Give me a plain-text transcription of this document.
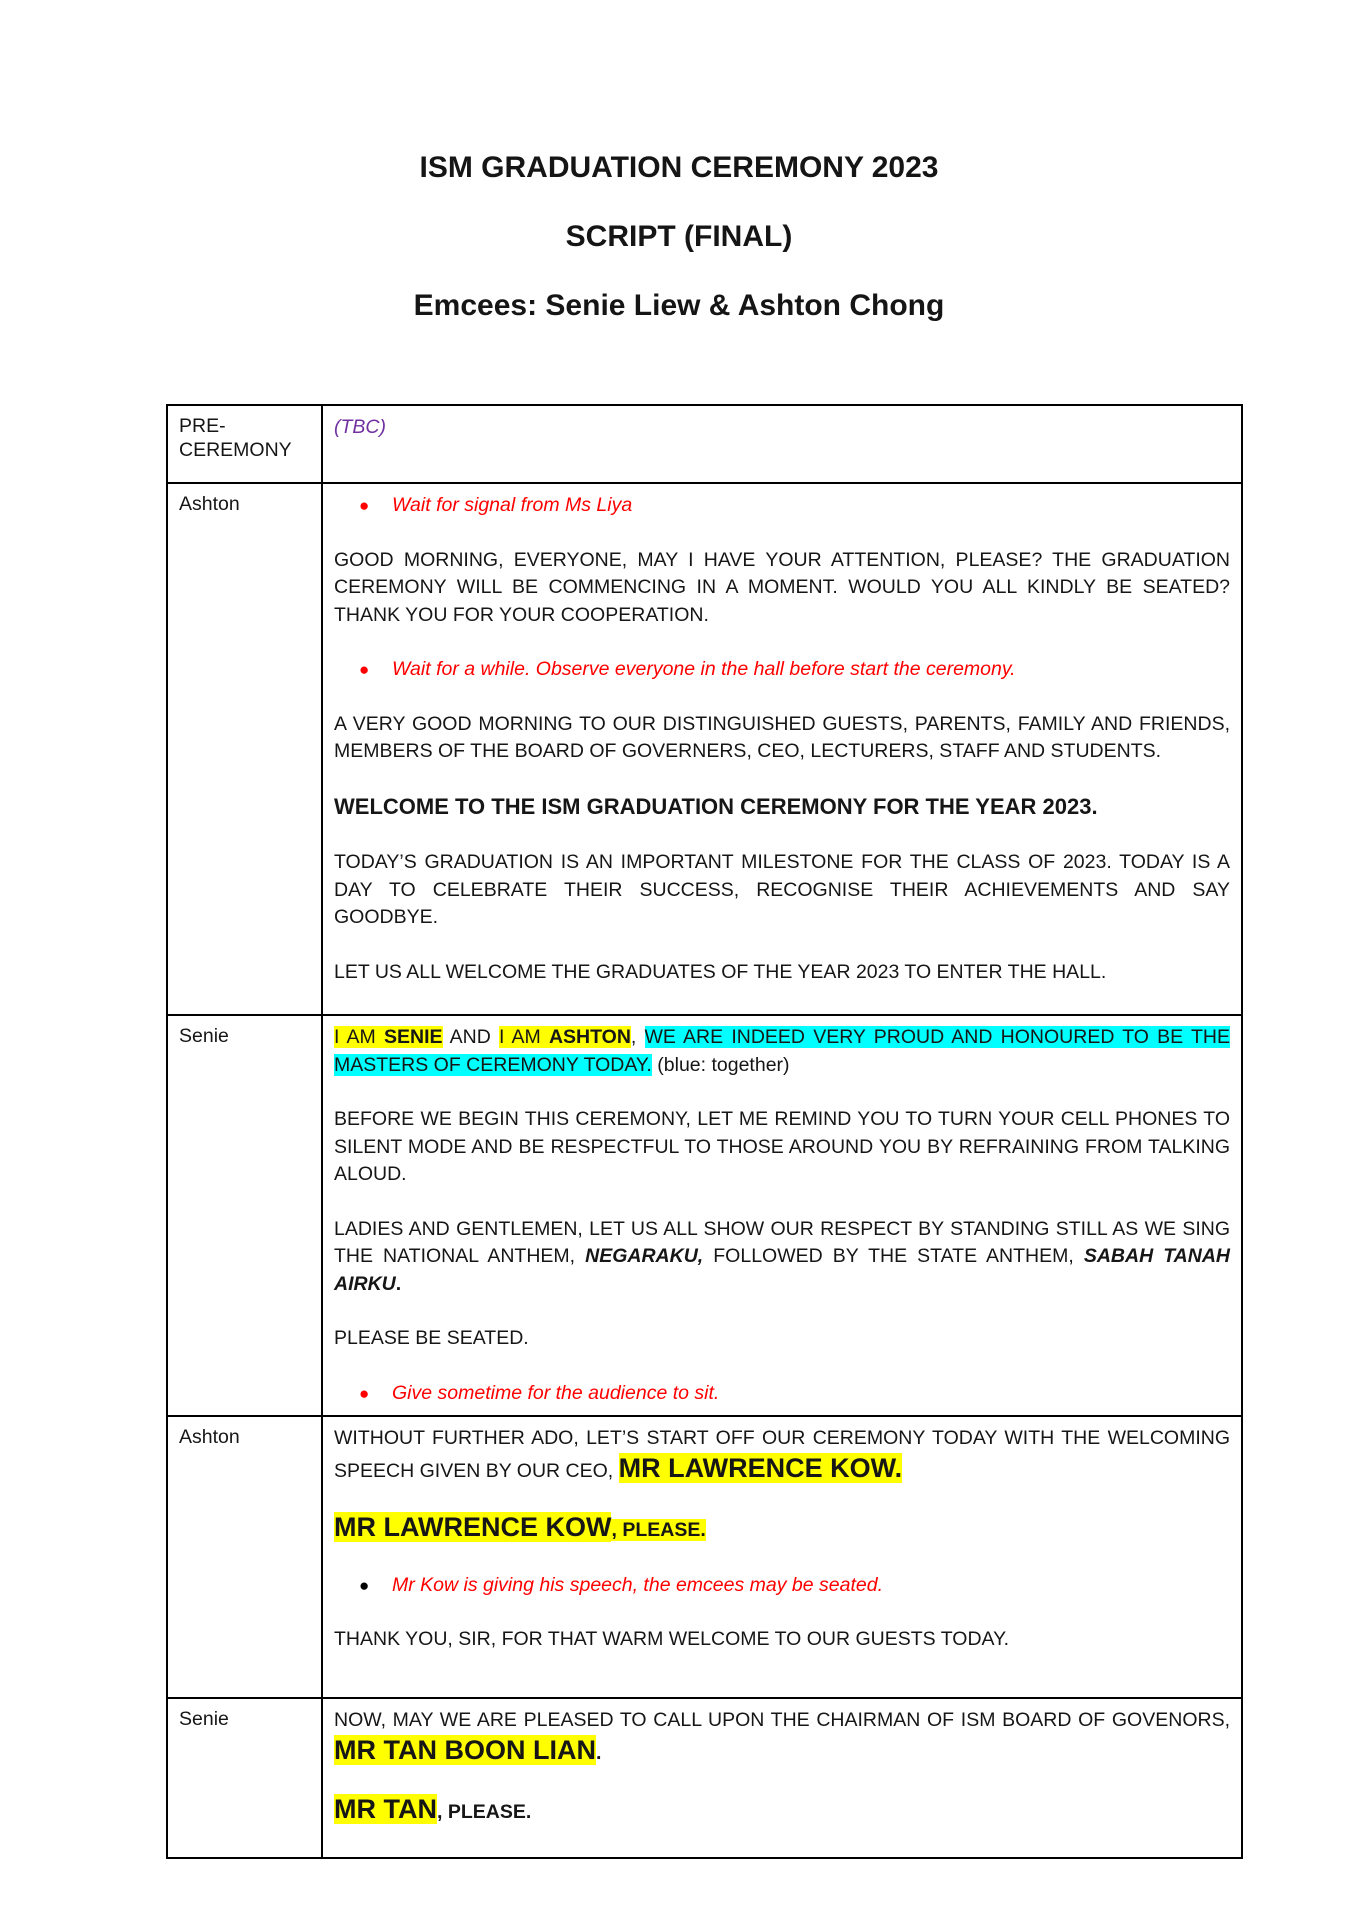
ISM GRADUATION CEREMONY 2023
SCRIPT (FINAL)
Emcees: Senie Liew & Ashton Chong
PRE-CEREMONY	(TBC)

Ashton	● Wait for signal from Ms Liya

GOOD MORNING, EVERYONE, MAY I HAVE YOUR ATTENTION, PLEASE? THE GRADUATION CEREMONY WILL BE COMMENCING IN A MOMENT. WOULD YOU ALL KINDLY BE SEATED? THANK YOU FOR YOUR COOPERATION.

● Wait for a while. Observe everyone in the hall before start the ceremony.

A VERY GOOD MORNING TO OUR DISTINGUISHED GUESTS, PARENTS, FAMILY AND FRIENDS, MEMBERS OF THE BOARD OF GOVERNERS, CEO, LECTURERS, STAFF AND STUDENTS.

WELCOME TO THE ISM GRADUATION CEREMONY FOR THE YEAR 2023.

TODAY’S GRADUATION IS AN IMPORTANT MILESTONE FOR THE CLASS OF 2023. TODAY IS A DAY TO CELEBRATE THEIR SUCCESS, RECOGNISE THEIR ACHIEVEMENTS AND SAY GOODBYE.

LET US ALL WELCOME THE GRADUATES OF THE YEAR 2023 TO ENTER THE HALL.

Senie	I AM SENIE AND I AM ASHTON, WE ARE INDEED VERY PROUD AND HONOURED TO BE THE MASTERS OF CEREMONY TODAY. (blue: together)

BEFORE WE BEGIN THIS CEREMONY, LET ME REMIND YOU TO TURN YOUR CELL PHONES TO SILENT MODE AND BE RESPECTFUL TO THOSE AROUND YOU BY REFRAINING FROM TALKING ALOUD.

LADIES AND GENTLEMEN, LET US ALL SHOW OUR RESPECT BY STANDING STILL AS WE SING THE NATIONAL ANTHEM, NEGARAKU, FOLLOWED BY THE STATE ANTHEM, SABAH TANAH AIRKU.

PLEASE BE SEATED.

● Give sometime for the audience to sit.

Ashton	WITHOUT FURTHER ADO, LET’S START OFF OUR CEREMONY TODAY WITH THE WELCOMING SPEECH GIVEN BY OUR CEO, MR LAWRENCE KOW.

MR LAWRENCE KOW, PLEASE.

● Mr Kow is giving his speech, the emcees may be seated.

THANK YOU, SIR, FOR THAT WARM WELCOME TO OUR GUESTS TODAY.

Senie	NOW, MAY WE ARE PLEASED TO CALL UPON THE CHAIRMAN OF ISM BOARD OF GOVENORS, MR TAN BOON LIAN.

MR TAN, PLEASE.
